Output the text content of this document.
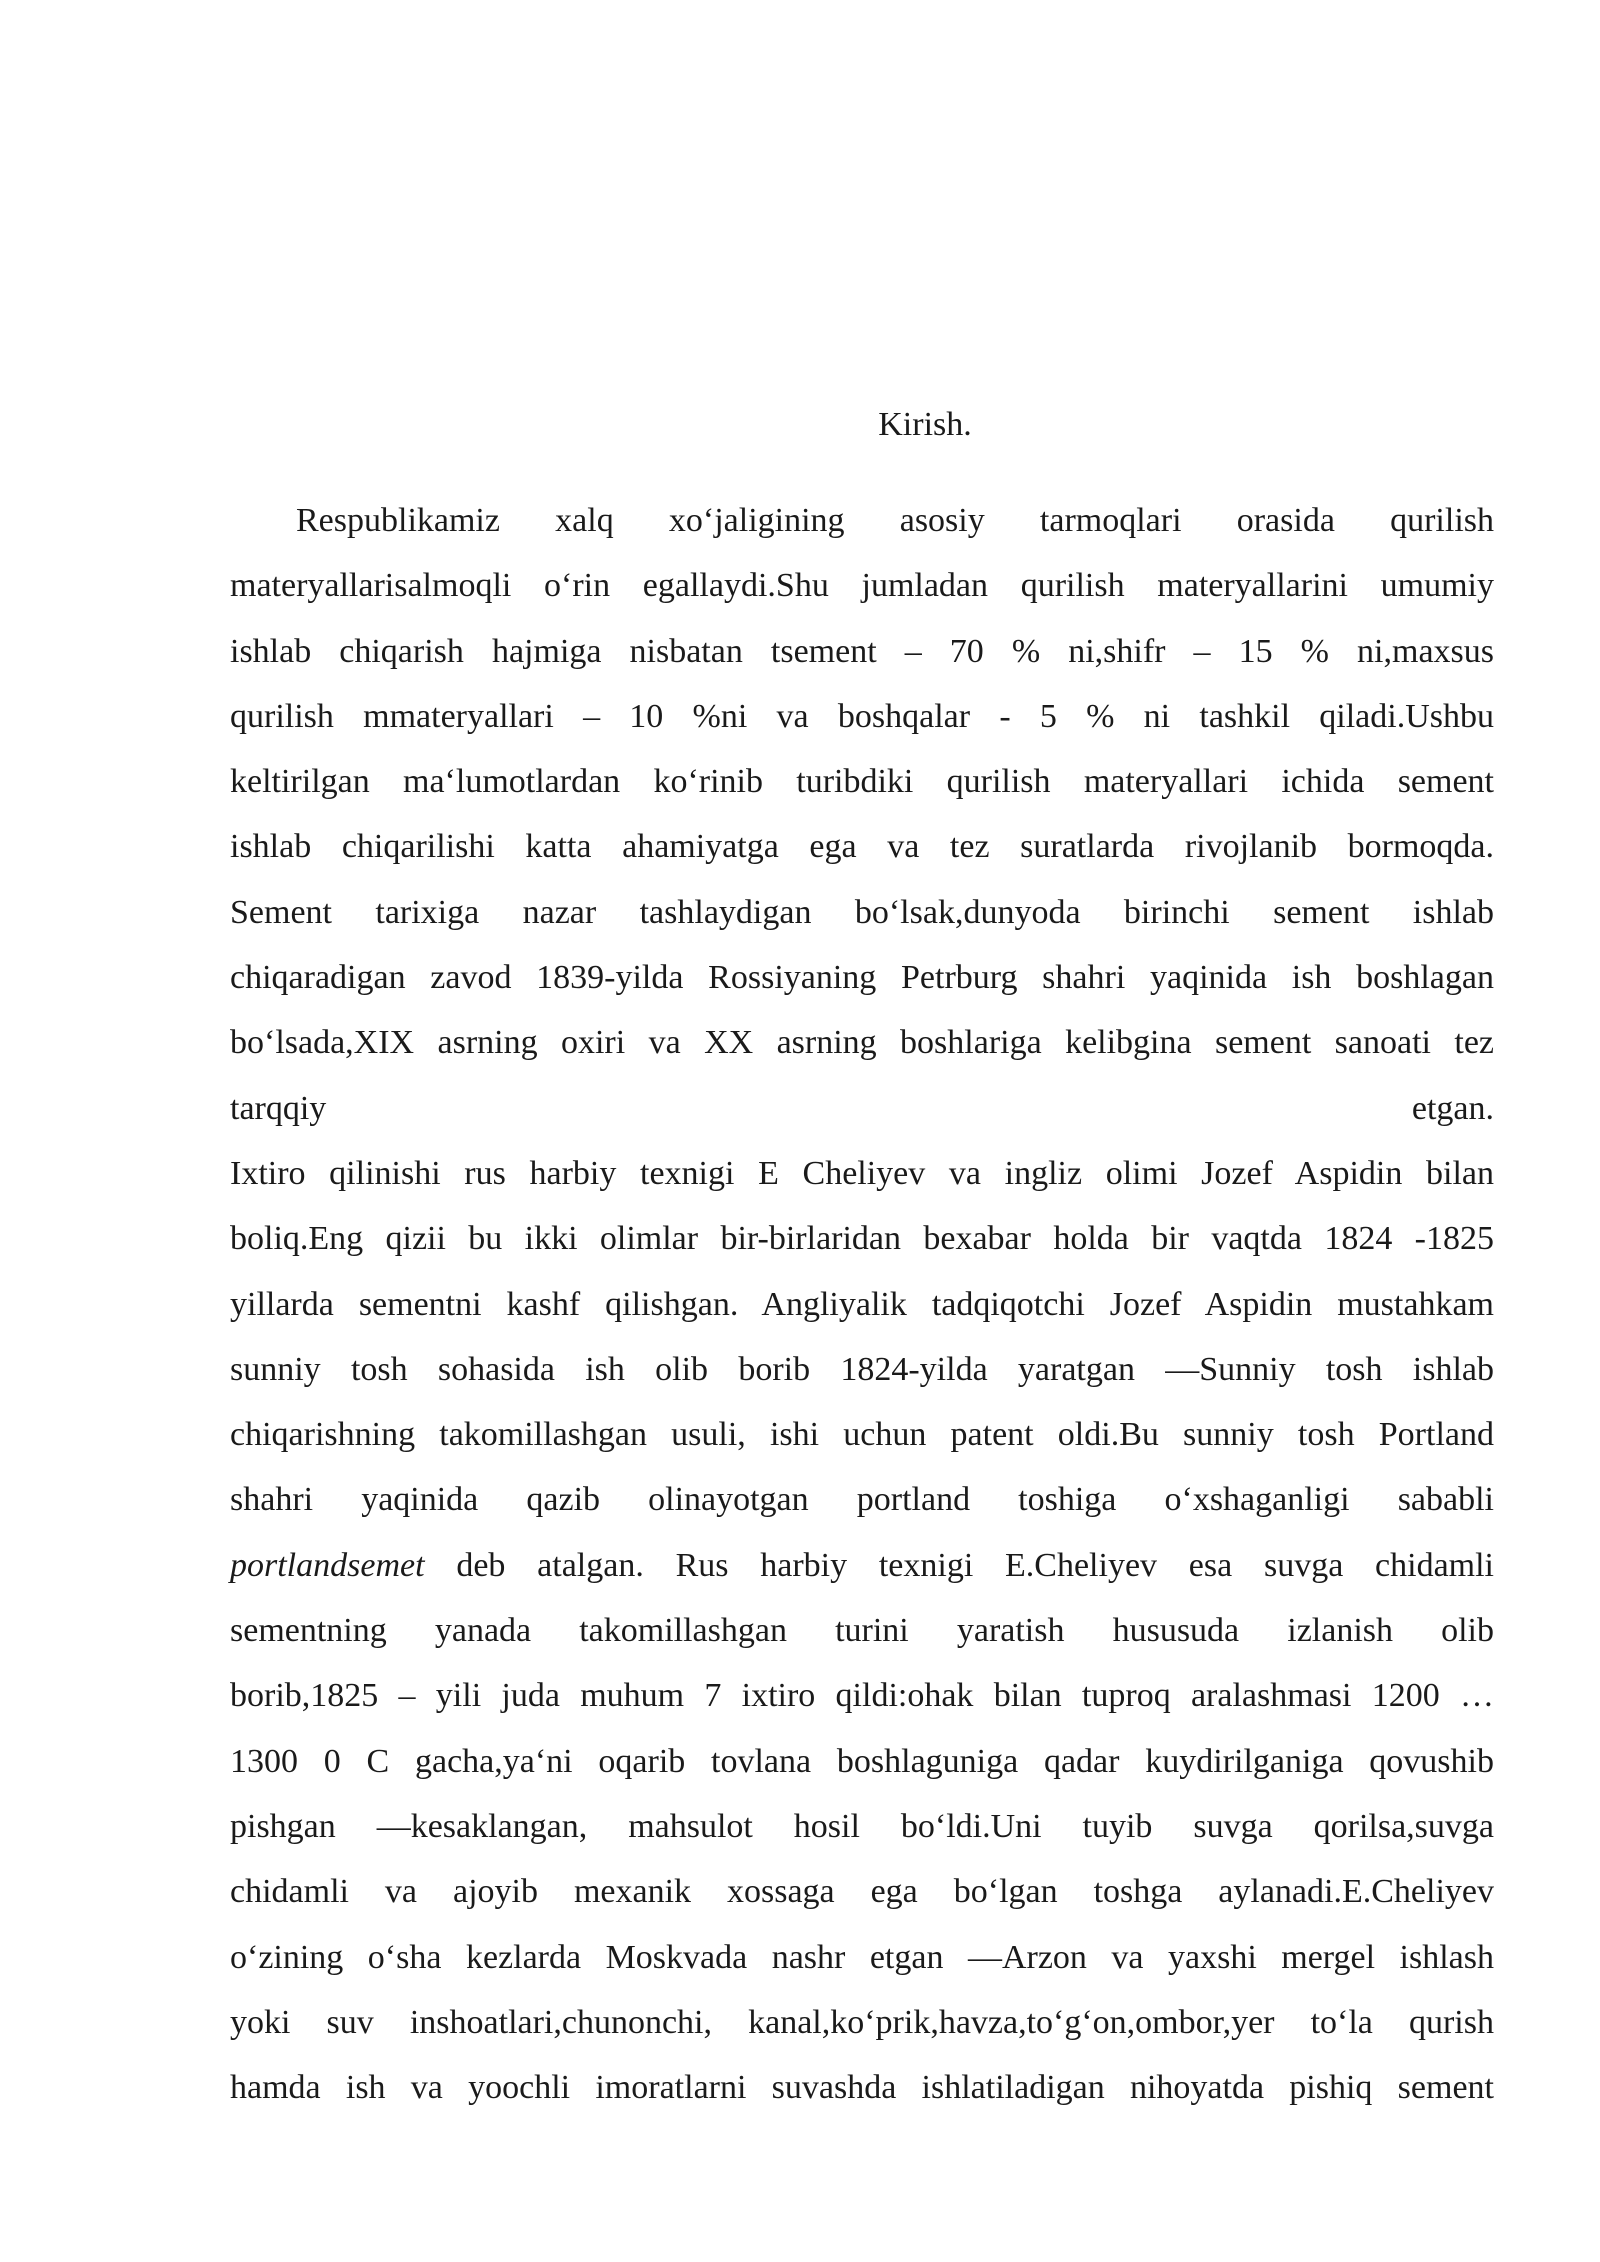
Kirish.
Respublikamiz xalq xo‘jaligining asosiy tarmoqlari orasida qurilish
materyallarisalmoqli o‘rin egallaydi.Shu jumladan qurilish materyallarini umumiy
ishlab chiqarish hajmiga nisbatan tsement – 70 % ni,shifr – 15 % ni,maxsus
qurilish mmateryallari – 10 %ni va boshqalar - 5 % ni tashkil qiladi.Ushbu
keltirilgan ma‘lumotlardan ko‘rinib turibdiki qurilish materyallari ichida sement
ishlab chiqarilishi katta ahamiyatga ega va tez suratlarda rivojlanib bormoqda.
Sement tarixiga nazar tashlaydigan bo‘lsak,dunyoda birinchi sement ishlab
chiqaradigan zavod 1839-yilda Rossiyaning Petrburg shahri yaqinida ish boshlagan
bo‘lsada,XIX asrning oxiri va XX asrning boshlariga kelibgina sement sanoati tez
tarqqiy etgan.
Ixtiro qilinishi rus harbiy texnigi E Cheliyev va ingliz olimi Jozef Aspidin bilan
boliq.Eng qizii bu ikki olimlar bir-birlaridan bexabar holda bir vaqtda 1824 -1825
yillarda sementni kashf qilishgan. Angliyalik tadqiqotchi Jozef Aspidin mustahkam
sunniy tosh sohasida ish olib borib 1824-yilda yaratgan ―Sunniy tosh ishlab
chiqarishning takomillashgan usuli, ishi uchun patent oldi.Bu sunniy tosh Portland
shahri yaqinida qazib olinayotgan portland toshiga o‘xshaganligi sababli
portlandsemet deb atalgan. Rus harbiy texnigi E.Cheliyev esa suvga chidamli
sementning yanada takomillashgan turini yaratish hususuda izlanish olib
borib,1825 – yili juda muhum 7 ixtiro qildi:ohak bilan tuproq aralashmasi 1200 …
1300 0 C gacha,ya‘ni oqarib tovlana boshlaguniga qadar kuydirilganiga qovushib
pishgan ―kesaklangan, mahsulot hosil bo‘ldi.Uni tuyib suvga qorilsa,suvga
chidamli va ajoyib mexanik xossaga ega bo‘lgan toshga aylanadi.E.Cheliyev
o‘zining o‘sha kezlarda Moskvada nashr etgan ―Arzon va yaxshi mergel ishlash
yoki suv inshoatlari,chunonchi, kanal,ko‘prik,havza,to‘g‘on,ombor,yer to‘la qurish
hamda ish va yoochli imoratlarni suvashda ishlatiladigan nihoyatda pishiq sement
